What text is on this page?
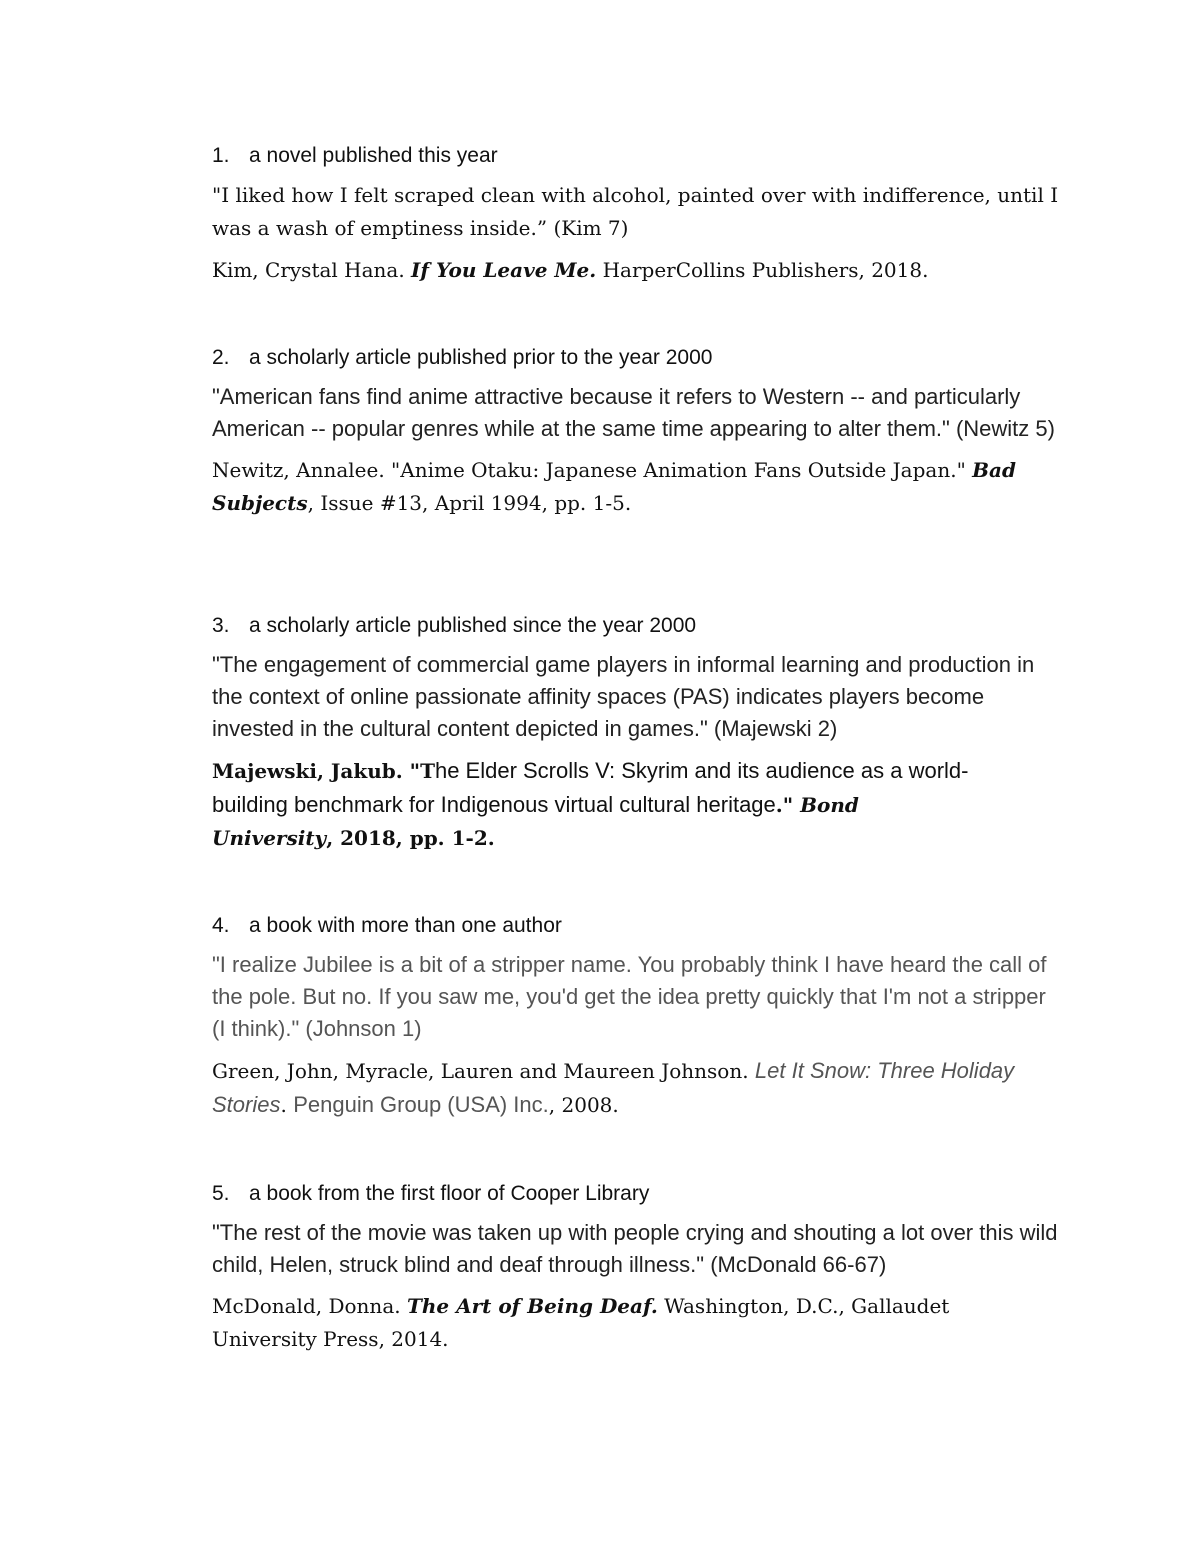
1. a novel published this year

"I liked how I felt scraped clean with alcohol, painted over with indifference, until I was a wash of emptiness inside.” (Kim 7)

Kim, Crystal Hana. If You Leave Me. HarperCollins Publishers, 2018.

2. a scholarly article published prior to the year 2000

"American fans find anime attractive because it refers to Western -- and particularly American -- popular genres while at the same time appearing to alter them." (Newitz 5)

Newitz, Annalee. "Anime Otaku: Japanese Animation Fans Outside Japan." Bad Subjects, Issue #13, April 1994, pp. 1-5.

3. a scholarly article published since the year 2000

"The engagement of commercial game players in informal learning and production in the context of online passionate affinity spaces (PAS) indicates players become invested in the cultural content depicted in games." (Majewski 2)

Majewski, Jakub. "The Elder Scrolls V: Skyrim and its audience as a world-building benchmark for Indigenous virtual cultural heritage." Bond University, 2018, pp. 1-2.

4. a book with more than one author

"I realize Jubilee is a bit of a stripper name. You probably think I have heard the call of the pole. But no. If you saw me, you'd get the idea pretty quickly that I'm not a stripper (I think)." (Johnson 1)

Green, John, Myracle, Lauren and Maureen Johnson. Let It Snow: Three Holiday Stories. Penguin Group (USA) Inc., 2008.

5. a book from the first floor of Cooper Library

"The rest of the movie was taken up with people crying and shouting a lot over this wild child, Helen, struck blind and deaf through illness." (McDonald 66-67)

McDonald, Donna. The Art of Being Deaf. Washington, D.C., Gallaudet University Press, 2014.
